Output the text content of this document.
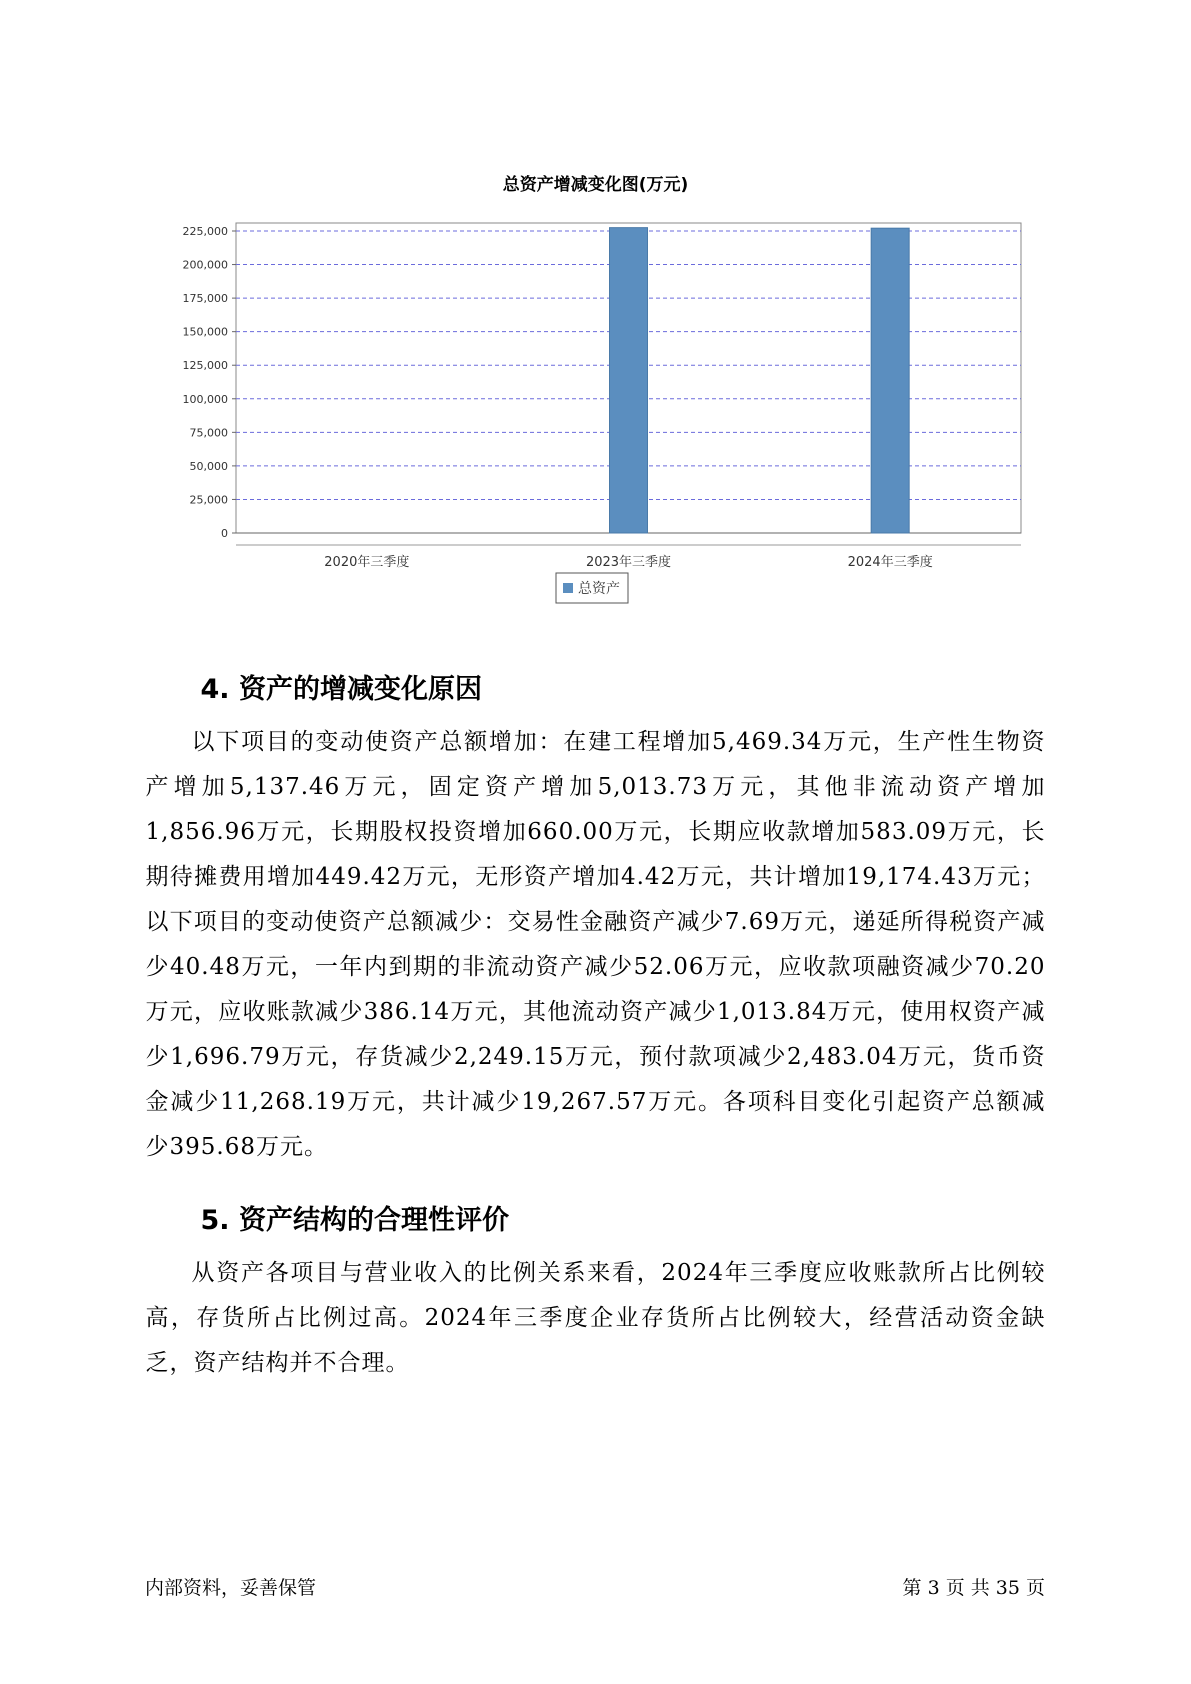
总资产增减变化图(万元)
0
25,000
50,000
75,000
100,000
125,000
150,000
175,000
200,000
225,000
2020年三季度	2023年三季度	2024年三季度
总资产
4. 资产的增减变化原因

以下项目的变动使资产总额增加：在建工程增加5,469.34万元，生产性生物资产增加5,137.46万元，固定资产增加5,013.73万元，其他非流动资产增加1,856.96万元，长期股权投资增加660.00万元，长期应收款增加583.09万元，长期待摊费用增加449.42万元，无形资产增加4.42万元，共计增加19,174.43万元；以下项目的变动使资产总额减少：交易性金融资产减少7.69万元，递延所得税资产减少40.48万元，一年内到期的非流动资产减少52.06万元，应收款项融资减少70.20万元，应收账款减少386.14万元，其他流动资产减少1,013.84万元，使用权资产减少1,696.79万元，存货减少2,249.15万元，预付款项减少2,483.04万元，货币资金减少11,268.19万元，共计减少19,267.57万元。各项科目变化引起资产总额减少395.68万元。

5. 资产结构的合理性评价

从资产各项目与营业收入的比例关系来看，2024年三季度应收账款所占比例较高，存货所占比例过高。2024年三季度企业存货所占比例较大，经营活动资金缺乏，资产结构并不合理。

内部资料，妥善保管	第 3 页 共 35 页
